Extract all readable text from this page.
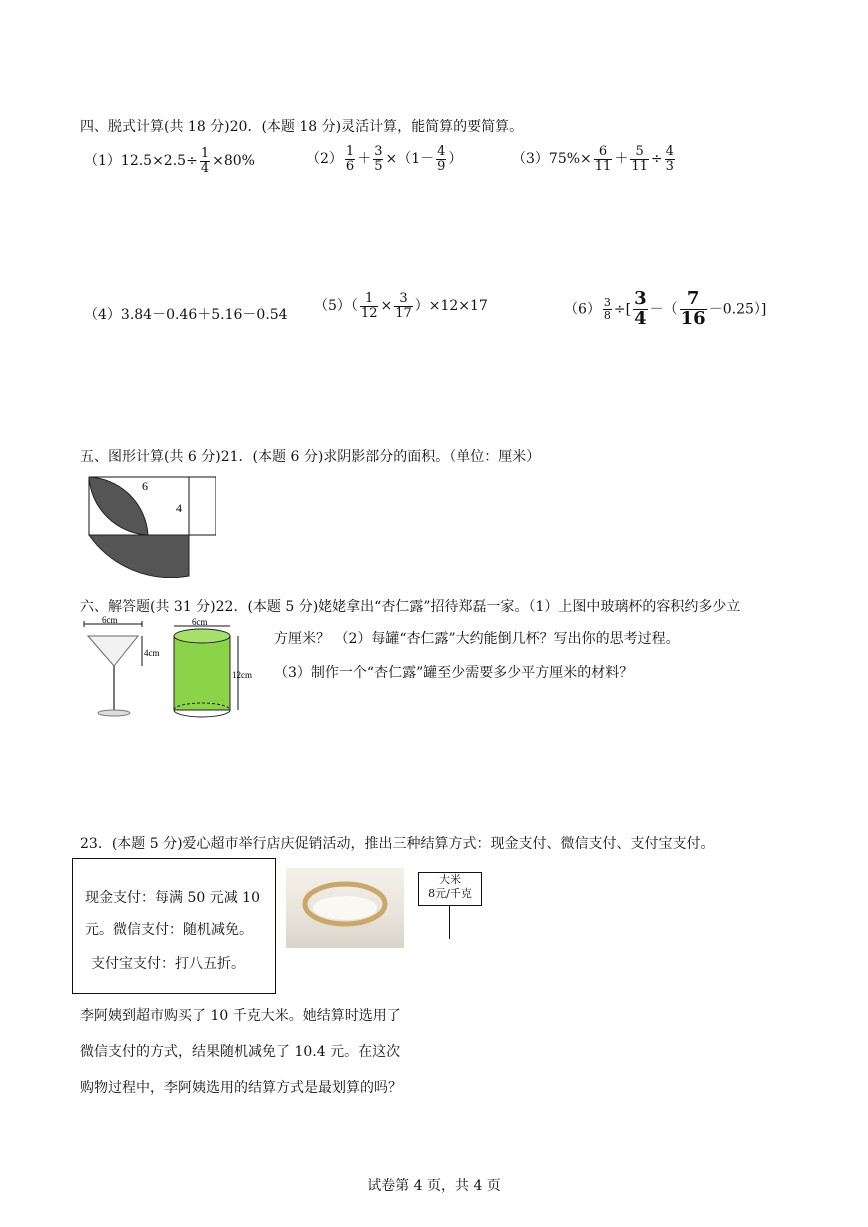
四、脱式计算(共 18 分)20．(本题 18 分)灵活计算，能简算的要简算。
$(1)12.5\times 2.5\div \frac{1}{4} \times 80\%$	$(2) \frac{1}{6} + \frac{3}{5} \times(1- \frac{4}{9}$ ）	$(3)75\%\times \frac{6}{11} + \frac{5}{11} \div \frac{4}{3}$
（4）3.84－0.46＋5.16－0.54
$(5)( \frac{1}{12} \times \frac{3}{17} )\times 12\times 17$	$(6) \frac{3}{8}$ ÷[ $\frac{3}{4}$ －（ $\frac{7}{16} -0.25$）]
五、图形计算(共 6 分)21．(本题 6 分)求阴影部分的面积。（单位：厘米）
6
4
六、解答题(共 31 分)22．(本题 5 分)姥姥拿出“杏仁露”招待郑磊一家。（1）上图中玻璃杯的容积约多少立
方厘米？ （2）每罐“杏仁露”大约能倒几杯？写出你的思考过程。
（3）制作一个“杏仁露”罐至少需要多少平方厘米的材料？
6cm
4cm
6cm
12cm
23．(本题 5 分)爱心超市举行店庆促销活动，推出三种结算方式：现金支付、微信支付、支付宝支付。
现金支付：每满 50 元减 10
元。微信支付：随机减免。
支付宝支付：打八五折。
大米
8元/千克
李阿姨到超市购买了 10 千克大米。她结算时选用了
微信支付的方式，结果随机减免了 10.4 元。在这次
购物过程中，李阿姨选用的结算方式是最划算的吗？
试卷第 4 页，共 4 页
